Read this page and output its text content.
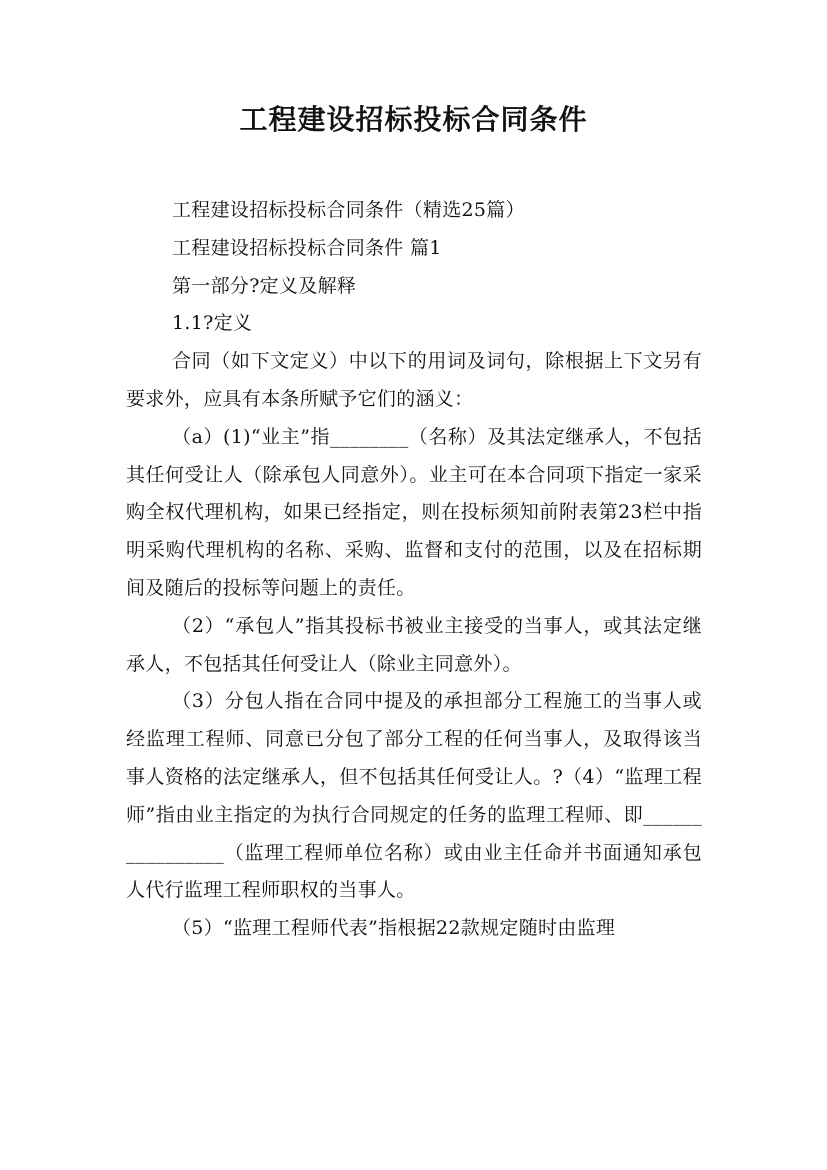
工程建设招标投标合同条件

工程建设招标投标合同条件（精选25篇）

工程建设招标投标合同条件 篇1

第一部分?定义及解释

1.1?定义

合同（如下文定义）中以下的用词及词句，除根据上下文另有要求外，应具有本条所赋予它们的涵义：

（a）(1)“业主”指________（名称）及其法定继承人，不包括其任何受让人（除承包人同意外）。业主可在本合同项下指定一家采购全权代理机构，如果已经指定，则在投标须知前附表第23栏中指明采购代理机构的名称、采购、监督和支付的范围，以及在招标期间及随后的投标等问题上的责任。

（2）“承包人”指其投标书被业主接受的当事人，或其法定继承人，不包括其任何受让人（除业主同意外）。

（3）分包人指在合同中提及的承担部分工程施工的当事人或经监理工程师、同意已分包了部分工程的任何当事人，及取得该当事人资格的法定继承人，但不包括其任何受让人。?（4）“监理工程师”指由业主指定的为执行合同规定的任务的监理工程师、即________________（监理工程师单位名称）或由业主任命并书面通知承包人代行监理工程师职权的当事人。

（5）“监理工程师代表”指根据22款规定随时由监理
